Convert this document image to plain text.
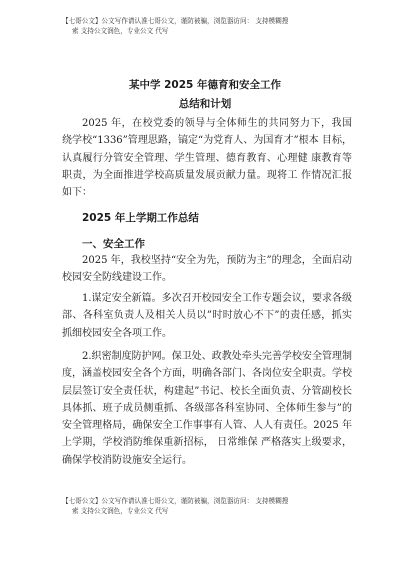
【七哥公文】公文写作请认准七哥公文，谨防被骗，浏览器访问： 支持模糊搜
索 支持公文润色，专业公文 代写
某中学 2025 年德育和安全工作
总结和计划

2025 年，在校党委的领导与全体师生的共同努力下，我国 绕学校“1336”管理思路，镐定“为党育人、为国育才”根本 目标，认真履行分管安全管理、学生管理、德育教育、心理健 康教育等职责，为全面推进学校高质量发展贡献力量。现将工 作情况汇报如下：

2025 年上学期工作总结
一、安全工作

2025 年，我校坚持“安全为先，预防为主”的理念，全面启动校园安全防线建设工作。

1.谋定安全新篇。多次召开校园安全工作专题会议，要求各级部、各科室负责人及相关人员以”时时放心不下”的责任感，抓实抓细校园安全各项工作。

2.织密制度防护网。保卫处、政教处牵头完善学校安全管理制度，涵盖校园安全各个方面，明确各部门、各岗位安全职责。学校层层签订安全责任状，构建起”书记、校长全面负责、分管副校长具体抓、班子成员侧重抓、各级部各科室协同、全体师生参与”的安全管理格局，确保安全工作事事有人管、人人有责任。2025 年上学期，学校消防维保重新招标， 日常维保 严格落实上级要求，确保学校消防设施安全运行。

【七哥公文】公文写作请认准七哥公文，谨防被骗，浏览器访问： 支持模糊搜
索 支持公文润色，专业公文 代写
